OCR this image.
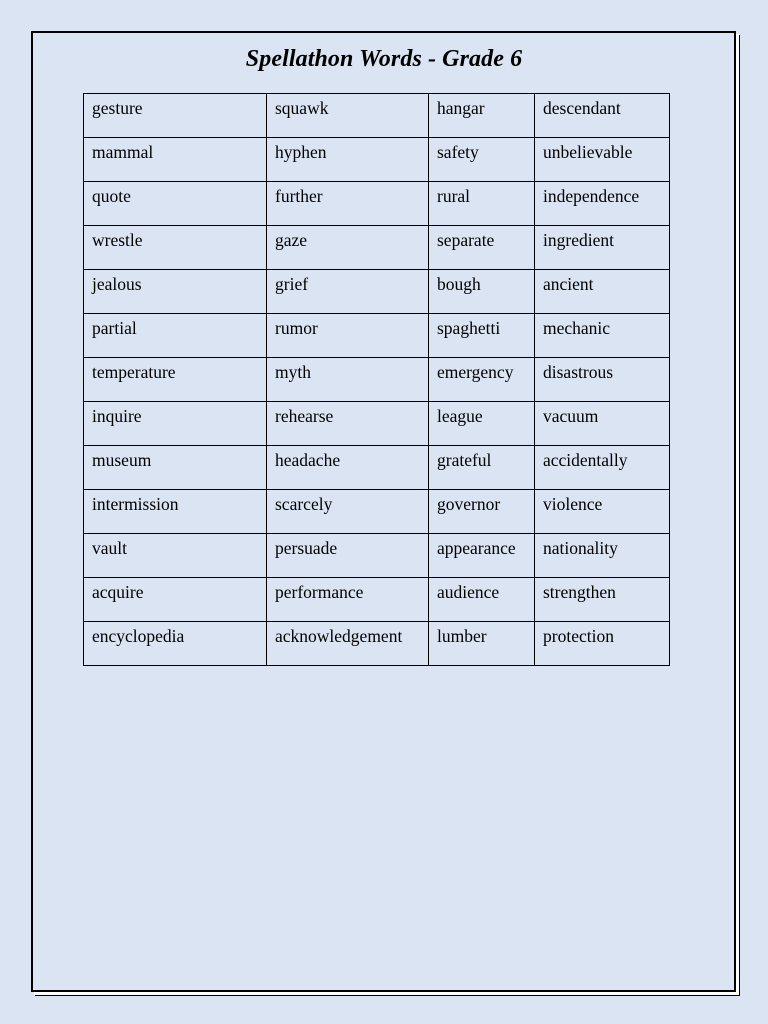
Spellathon Words - Grade 6
gesture	squawk	hangar	descendant
mammal	hyphen	safety	unbelievable
quote	further	rural	independence
wrestle	gaze	separate	ingredient
jealous	grief	bough	ancient
partial	rumor	spaghetti	mechanic
temperature	myth	emergency	disastrous
inquire	rehearse	league	vacuum
museum	headache	grateful	accidentally
intermission	scarcely	governor	violence
vault	persuade	appearance	nationality
acquire	performance	audience	strengthen
encyclopedia	acknowledgement	lumber	protection
